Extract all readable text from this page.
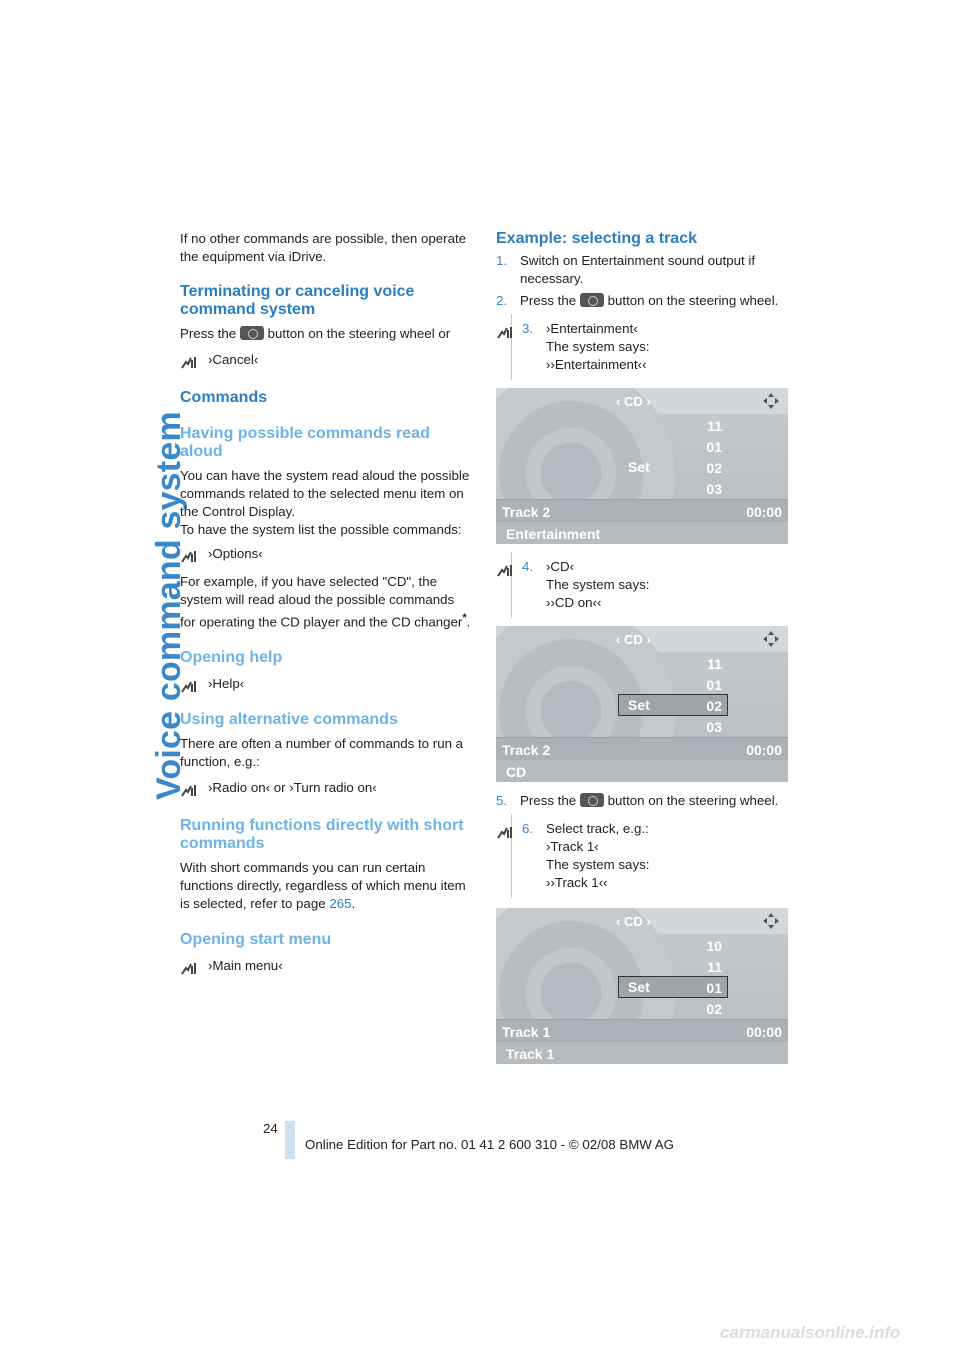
Voice command system

If no other commands are possible, then operate the equipment via iDrive.

Terminating or canceling voice command system

Press the button on the steering wheel or

›Cancel‹
Commands
Having possible commands read aloud

You can have the system read aloud the possible commands related to the selected menu item on the Control Display.

To have the system list the possible commands:

›Options‹

For example, if you have selected "CD", the system will read aloud the possible commands for operating the CD player and the CD changer*.

Opening help
›Help‹
Using alternative commands

There are often a number of commands to run a function, e.g.:

›Radio on‹ or ›Turn radio on‹
Running functions directly with short commands

With short commands you can run certain functions directly, regardless of which menu item is selected, refer to page 265.

Opening start menu
›Main menu‹
Example: selecting a track

1. Switch on Entertainment sound output if necessary.

2. Press the button on the steering wheel.

3. ›Entertainment‹
The system says:
››Entertainment‹‹
‹ CD ›
11
01
02
03
Set
Track 2	00:00
Entertainment
4. ›CD‹
The system says:
››CD on‹‹
‹ CD ›
11
01
02
03
Set
Track 2	00:00
CD

5. Press the button on the steering wheel.

6. Select track, e.g.:
›Track 1‹
The system says:
››Track 1‹‹
‹ CD ›
10
11
01
02
Set
Track 1	00:00
Track 1
24
Online Edition for Part no. 01 41 2 600 310 - © 02/08 BMW AG
carmanualsonline.info
